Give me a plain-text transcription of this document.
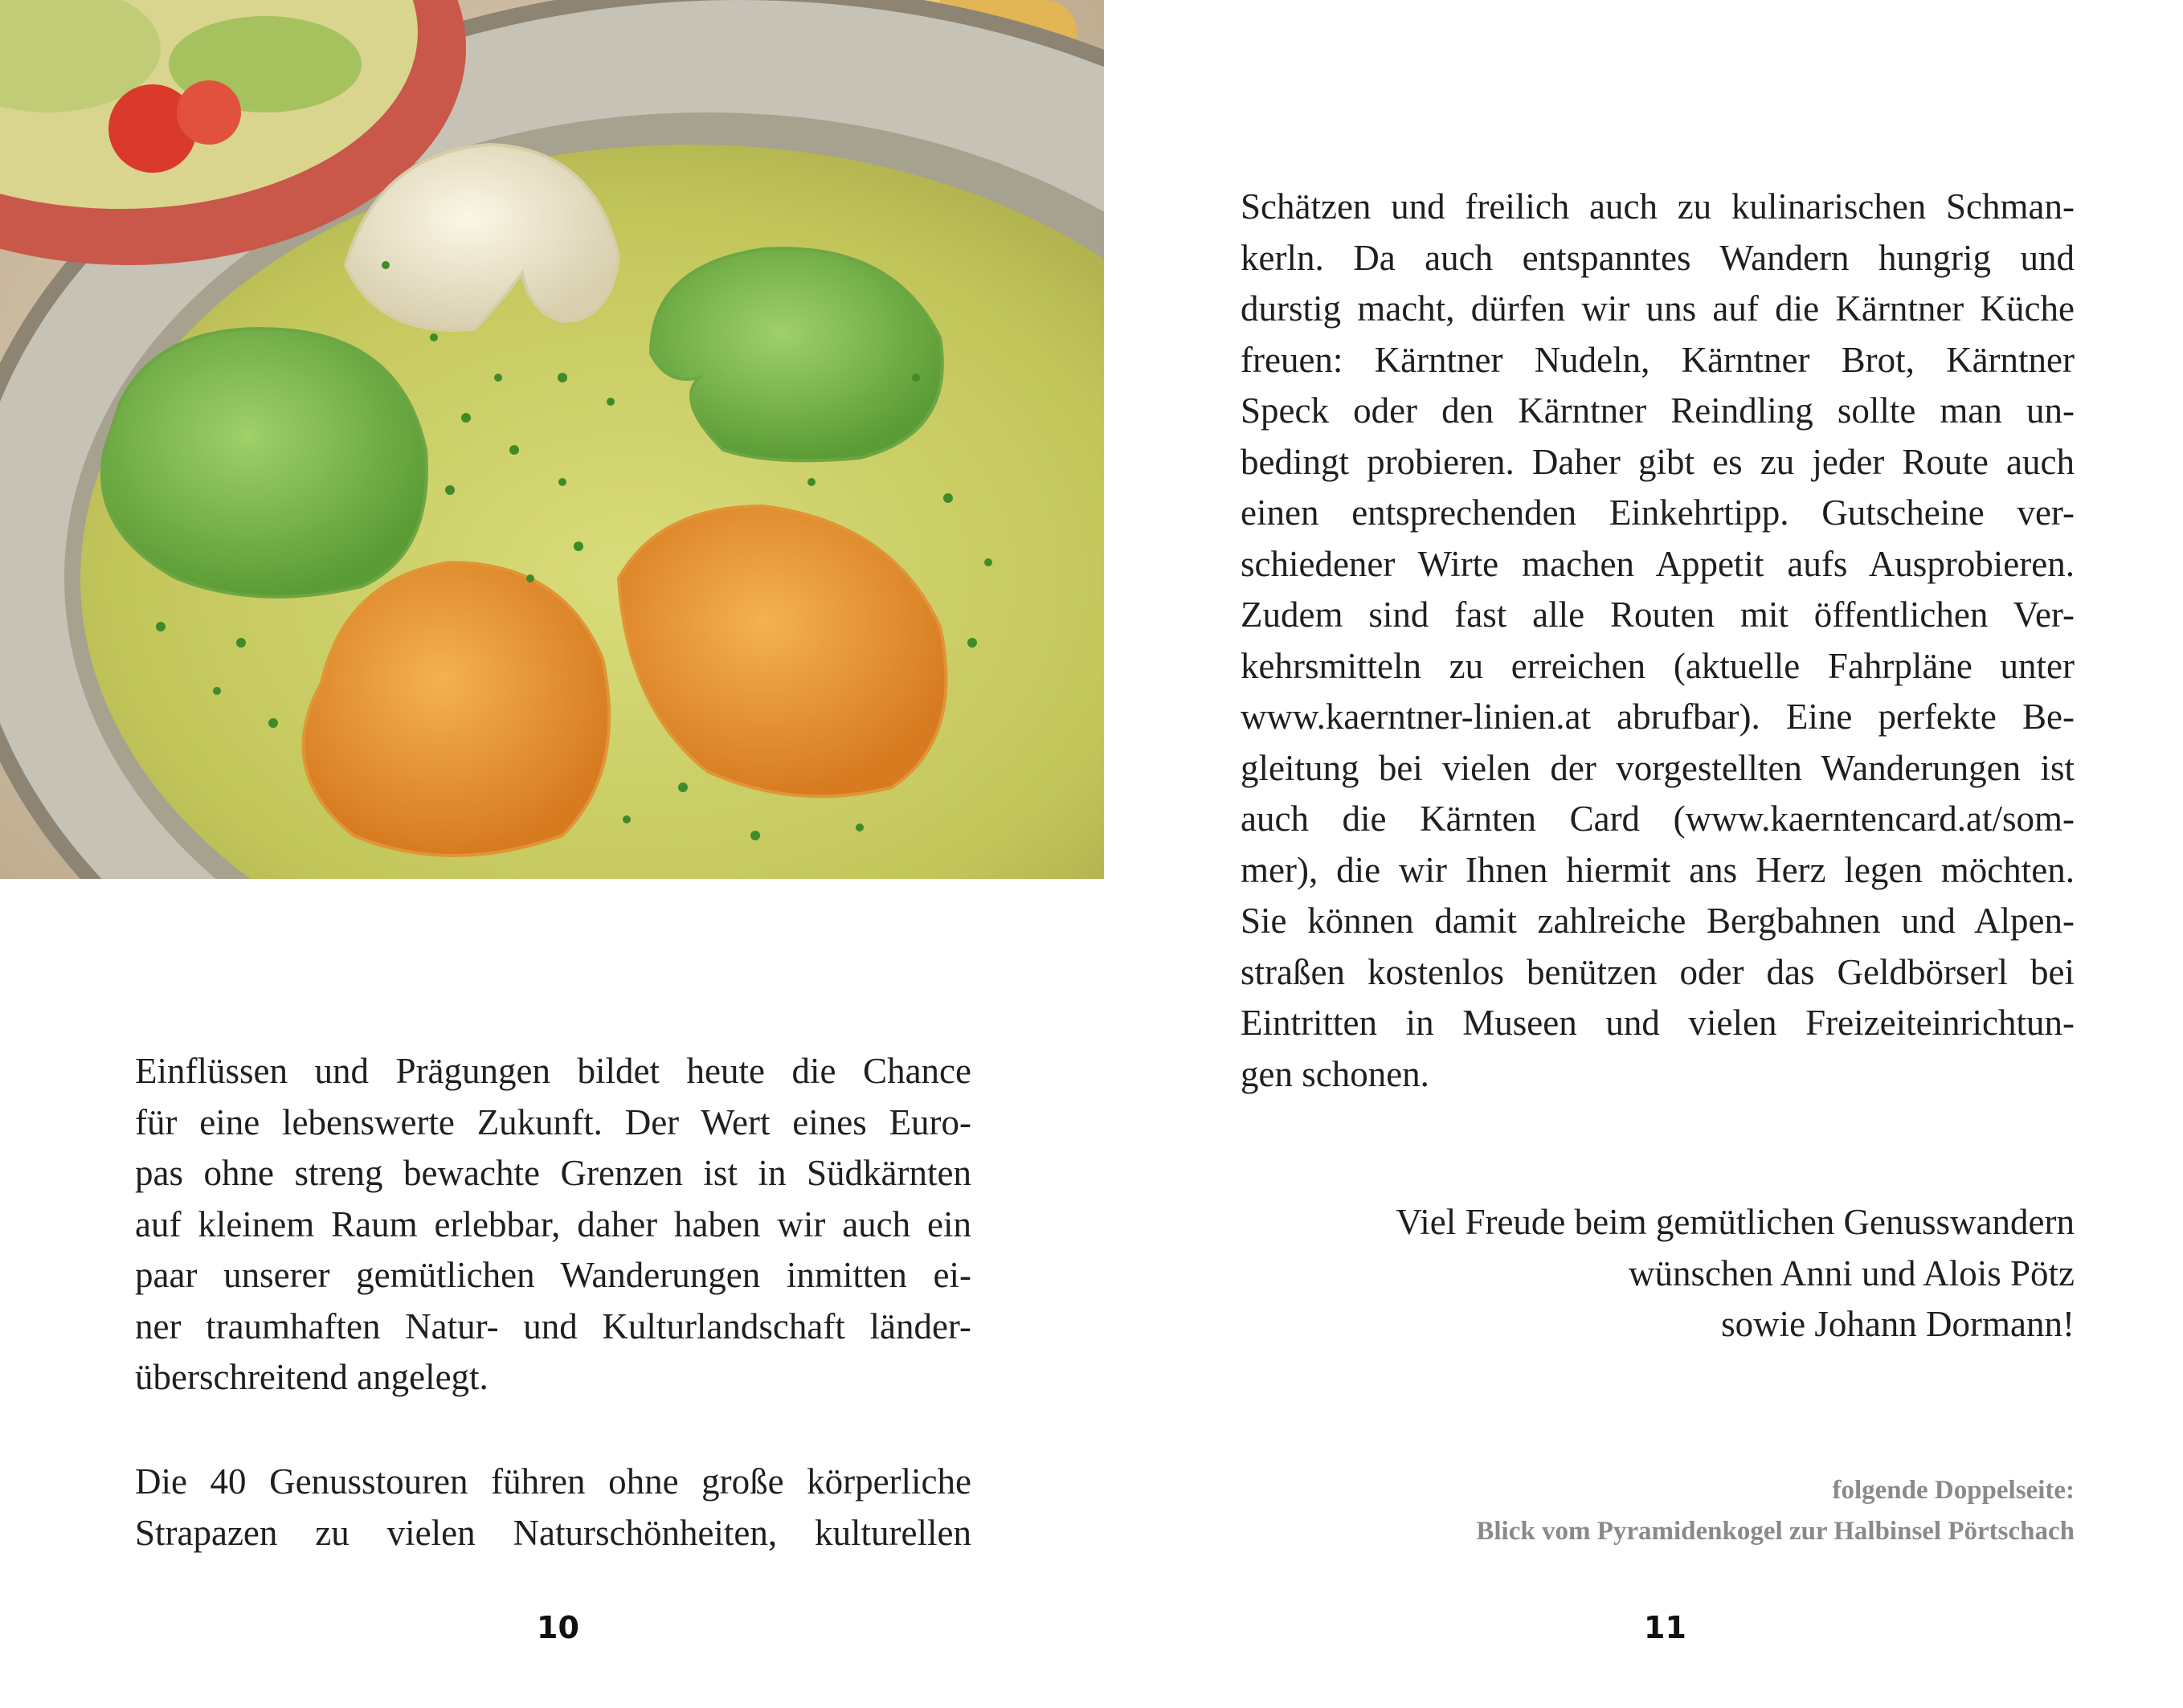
Einflüssen und Prägungen bildet heute die Chance
für eine lebenswerte Zukunft. Der Wert eines Euro-
pas ohne streng bewachte Grenzen ist in Südkärnten
auf kleinem Raum erlebbar, daher haben wir auch ein
paar unserer gemütlichen Wanderungen inmitten ei-
ner traumhaften Natur- und Kulturlandschaft länder-
überschreitend angelegt.

Die 40 Genusstouren führen ohne große körperliche
Strapazen zu vielen Naturschönheiten, kulturellen

10

Schätzen und freilich auch zu kulinarischen Schman-
kerln. Da auch entspanntes Wandern hungrig und
durstig macht, dürfen wir uns auf die Kärntner Küche
freuen: Kärntner Nudeln, Kärntner Brot, Kärntner
Speck oder den Kärntner Reindling sollte man un-
bedingt probieren. Daher gibt es zu jeder Route auch
einen entsprechenden Einkehrtipp. Gutscheine ver-
schiedener Wirte machen Appetit aufs Ausprobieren.
Zudem sind fast alle Routen mit öffentlichen Ver-
kehrsmitteln zu erreichen (aktuelle Fahrpläne unter
www.kaerntner-linien.at abrufbar). Eine perfekte Be-
gleitung bei vielen der vorgestellten Wanderungen ist
auch die Kärnten Card (www.kaerntencard.at/som-
mer), die wir Ihnen hiermit ans Herz legen möchten.
Sie können damit zahlreiche Bergbahnen und Alpen-
straßen kostenlos benützen oder das Geldbörserl bei
Eintritten in Museen und vielen Freizeiteinrichtun-
gen schonen.

Viel Freude beim gemütlichen Genusswandern
wünschen Anni und Alois Pötz
sowie Johann Dormann!
folgende Doppelseite:
Blick vom Pyramidenkogel zur Halbinsel Pörtschach
11
